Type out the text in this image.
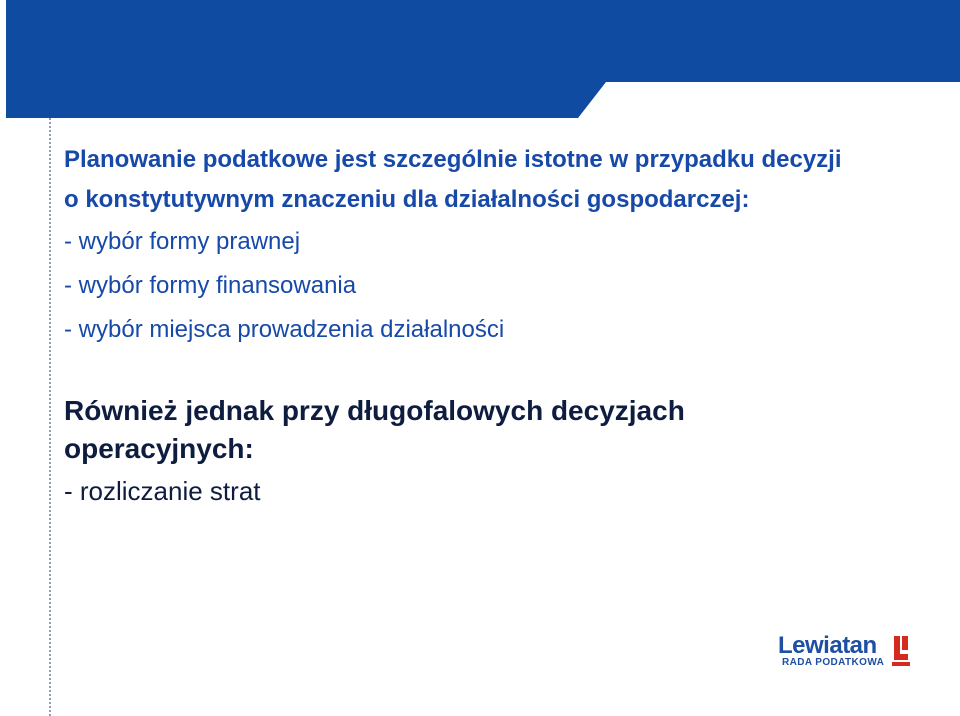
Planowanie podatkowe jest szczególnie istotne w przypadku decyzji o konstytutywnym znaczeniu dla działalności gospodarczej:

- wybór formy prawnej

- wybór formy finansowania

- wybór miejsca prowadzenia działalności

Również jednak przy długofalowych decyzjach operacyjnych:

- rozliczanie strat

Lewiatan
RADA PODATKOWA
